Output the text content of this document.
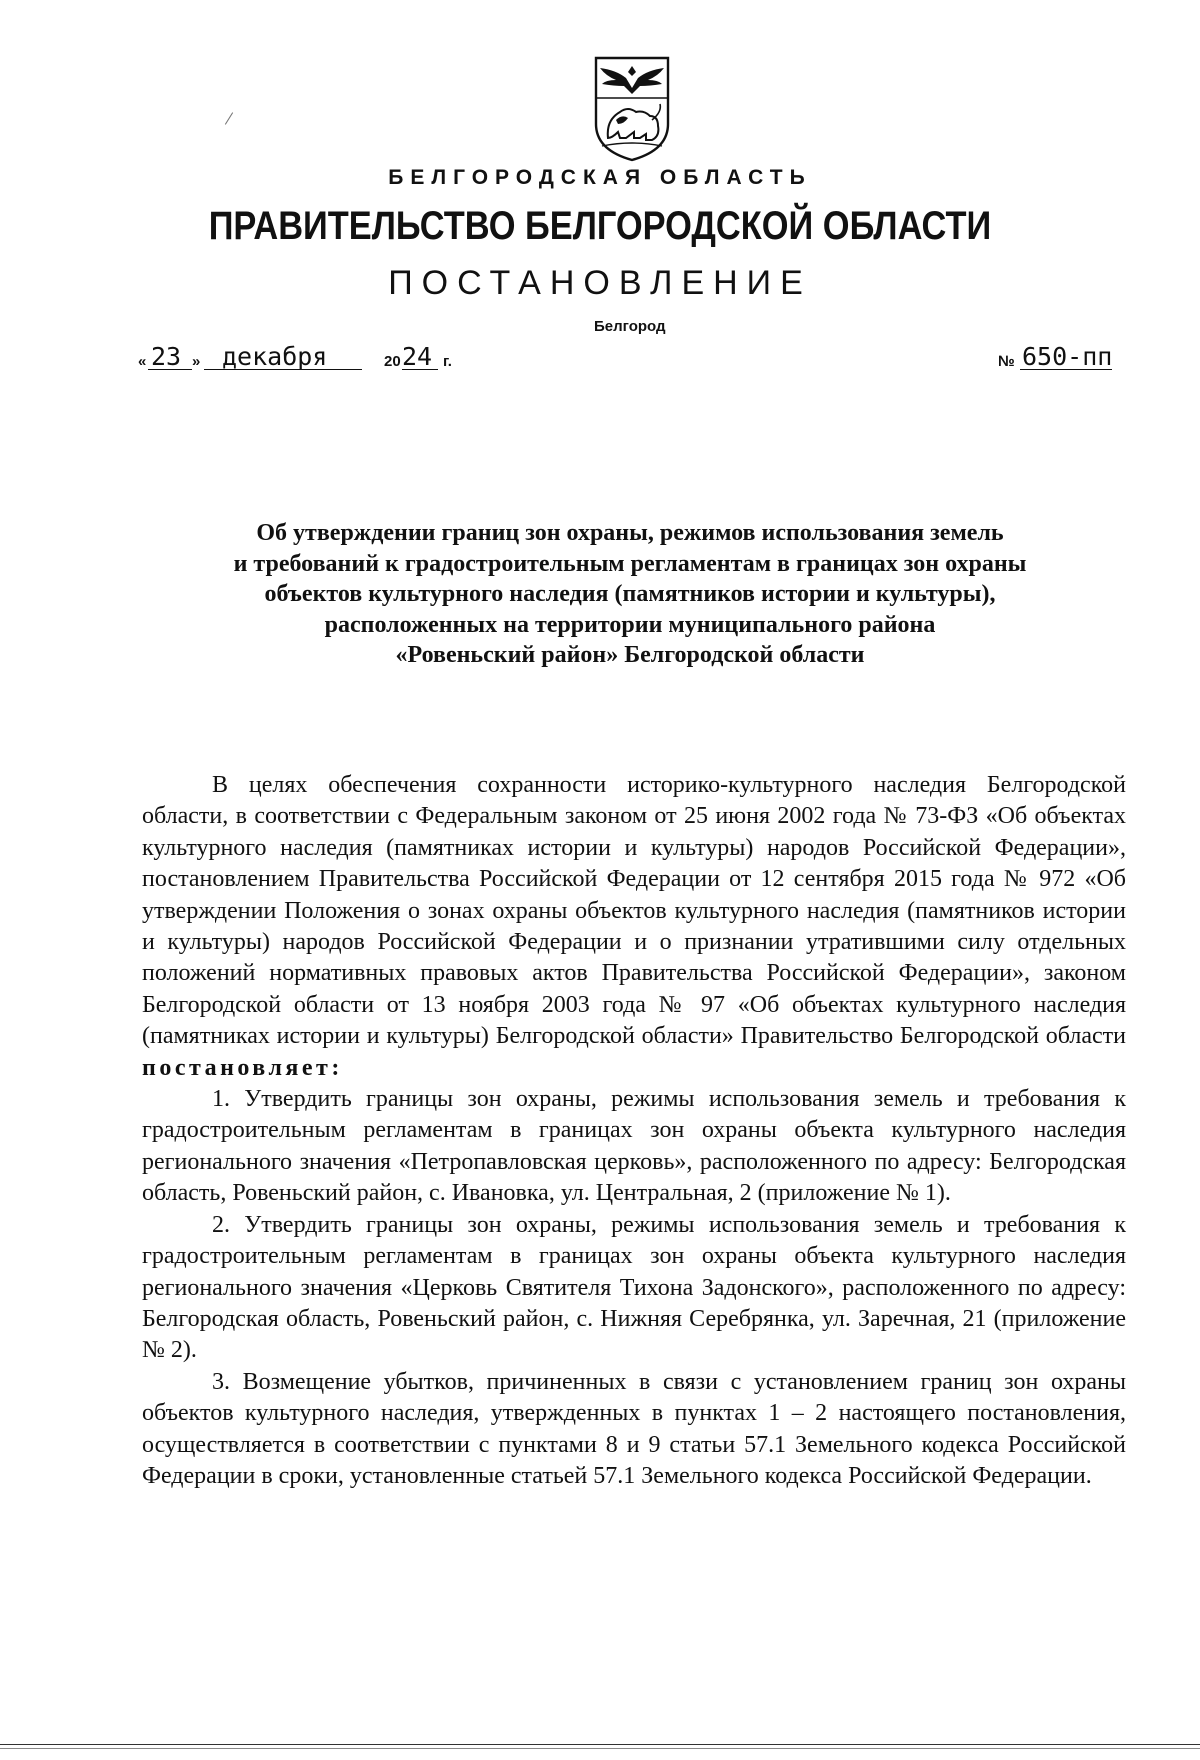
БЕЛГОРОДСКАЯ ОБЛАСТЬ
ПРАВИТЕЛЬСТВО БЕЛГОРОДСКОЙ ОБЛАСТИ
ПОСТАНОВЛЕНИЕ
Белгород
« 23 » декабря	20 24 г.	№ 650-пп
Об утверждении границ зон охраны, режимов использования земель
и требований к градостроительным регламентам в границах зон охраны
объектов культурного наследия (памятников истории и культуры),
расположенных на территории муниципального района
«Ровеньский район» Белгородской области

В целях обеспечения сохранности историко-культурного наследия Белгородской области, в соответствии с Федеральным законом от 25 июня 2002 года № 73-ФЗ «Об объектах культурного наследия (памятниках истории и культуры) народов Российской Федерации», постановлением Правительства Российской Федерации от 12 сентября 2015 года № 972 «Об утверждении Положения о зонах охраны объектов культурного наследия (памятников истории и культуры) народов Российской Федерации и о признании утратившими силу отдельных положений нормативных правовых актов Правительства Российской Федерации», законом Белгородской области от 13 ноября 2003 года № 97 «Об объектах культурного наследия (памятниках истории и культуры) Белгородской области» Правительство Белгородской области постановляет:

1. Утвердить границы зон охраны, режимы использования земель и требования к градостроительным регламентам в границах зон охраны объекта культурного наследия регионального значения «Петропавловская церковь», расположенного по адресу: Белгородская область, Ровеньский район, с. Ивановка, ул. Центральная, 2 (приложение № 1).

2. Утвердить границы зон охраны, режимы использования земель и требования к градостроительным регламентам в границах зон охраны объекта культурного наследия регионального значения «Церковь Святителя Тихона Задонского», расположенного по адресу: Белгородская область, Ровеньский район, с. Нижняя Серебрянка, ул. Заречная, 21 (приложение № 2).

3. Возмещение убытков, причиненных в связи с установлением границ зон охраны объектов культурного наследия, утвержденных в пунктах 1 – 2 настоящего постановления, осуществляется в соответствии с пунктами 8 и 9 статьи 57.1 Земельного кодекса Российской Федерации в сроки, установленные статьей 57.1 Земельного кодекса Российской Федерации.
